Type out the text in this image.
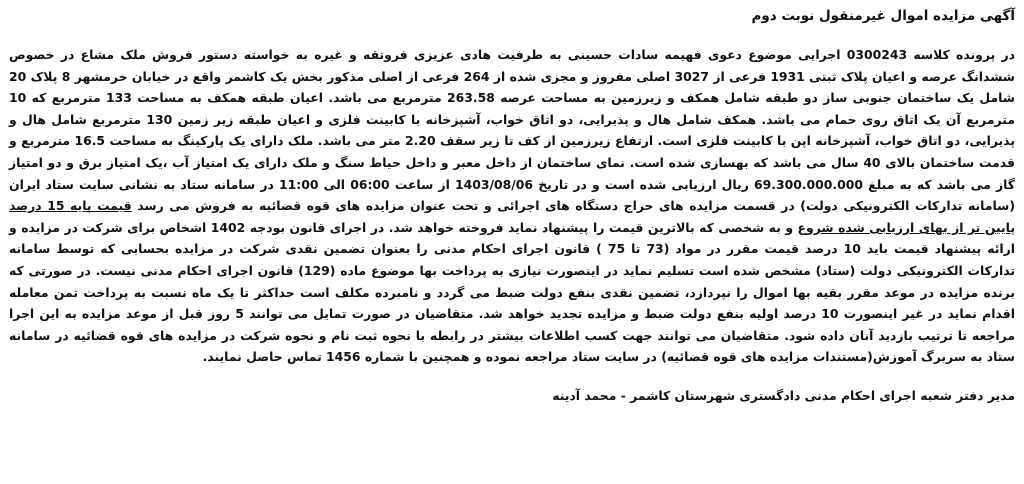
آگهی مزایده اموال غیرمنقول نوبت دوم

در پرونده کلاسه 0300243 اجرایی موضوع دعوی فهیمه سادات حسینی به طرفیت هادی عزیزی فروتقه و غیره به خواسته دستور فروش ملک مشاع در خصوص ششدانگ عرصه و اعیان پلاک ثبتی 1931 فرعی از 3027 اصلی مفروز و مجزی شده از 264 فرعی از اصلی مذکور بخش یک کاشمر واقع در خیابان خرمشهر 8 پلاک 20 شامل یک ساختمان جنوبی ساز دو طبقه شامل همکف و زیرزمین به مساحت عرصه 263.58 مترمربع می باشد. اعیان طبقه همکف به مساحت 133 مترمربع که 10 مترمربع آن یک اتاق روی حمام می باشد. همکف شامل هال و پذیرایی، دو اتاق خواب، آشپزخانه با کابینت فلزی و اعیان طبقه زیر زمین 130 مترمربع شامل هال و پذیرایی، دو اتاق خواب، آشپزخانه اپن با کابینت فلزی است. ارتفاع زیرزمین از کف تا زیر سقف 2.20 متر می باشد. ملک دارای یک پارکینگ به مساحت 16.5 مترمربع و قدمت ساختمان بالای 40 سال می باشد که بهسازی شده است. نمای ساختمان از داخل معبر و داخل حیاط سنگ و ملک دارای یک امتیاز آب ،یک امتیاز برق و دو امتیاز گاز می باشد که به مبلغ 69.300.000.000 ریال ارزیابی شده است و در تاریخ 1403/08/06 از ساعت 06:00 الی 11:00 در سامانه ستاد به نشانی سایت ستاد ایران (سامانه تدارکات الکترونیکی دولت) در قسمت مزایده های حراج دستگاه های اجرائی و تحت عنوان مزایده های قوه قضائیه به فروش می رسد قیمت پایه 15 درصد پایین تر از بهای ارزیابی شده شروع و به شخصی که بالاترین قیمت را پیشنهاد نماید فروخته خواهد شد. در اجرای قانون بودجه 1402 اشخاص برای شرکت در مزایده و ارائه پیشنهاد قیمت باید 10 درصد قیمت مقرر در مواد (73 تا 75 ) قانون اجرای احکام مدنی را بعنوان تضمین نقدی شرکت در مزایده بحسابی که توسط سامانه تدارکات الکترونیکی دولت (ستاد) مشخص شده است تسلیم نماید در اینصورت نیازی به پرداخت بها موضوع ماده (129) قانون اجرای احکام مدنی نیست. در صورتی که برنده مزایده در موعد مقرر بقیه بها اموال را نپردازد، تضمین نقدی بنفع دولت ضبط می گردد و نامبرده مکلف است حداکثر تا یک ماه نسبت به پرداخت ثمن معامله اقدام نماید در غیر اینصورت 10 درصد اولیه بنفع دولت ضبط و مزایده تجدید خواهد شد. متقاضیان در صورت تمایل می توانند 5 روز قبل از موعد مزایده به این اجرا مراجعه تا ترتیب بازدید آنان داده شود. متقاضیان می توانند جهت کسب اطلاعات بیشتر در رابطه با نحوه ثبت نام و نحوه شرکت در مزایده های قوه قضائیه در سامانه ستاد به سربرگ آموزش(مستندات مزایده های قوه قضائیه) در سایت ستاد مراجعه نموده و همچنین با شماره 1456 تماس حاصل نمایند.

مدیر دفتر شعبه اجرای احکام مدنی دادگستری شهرستان کاشمر - محمد آدینه
